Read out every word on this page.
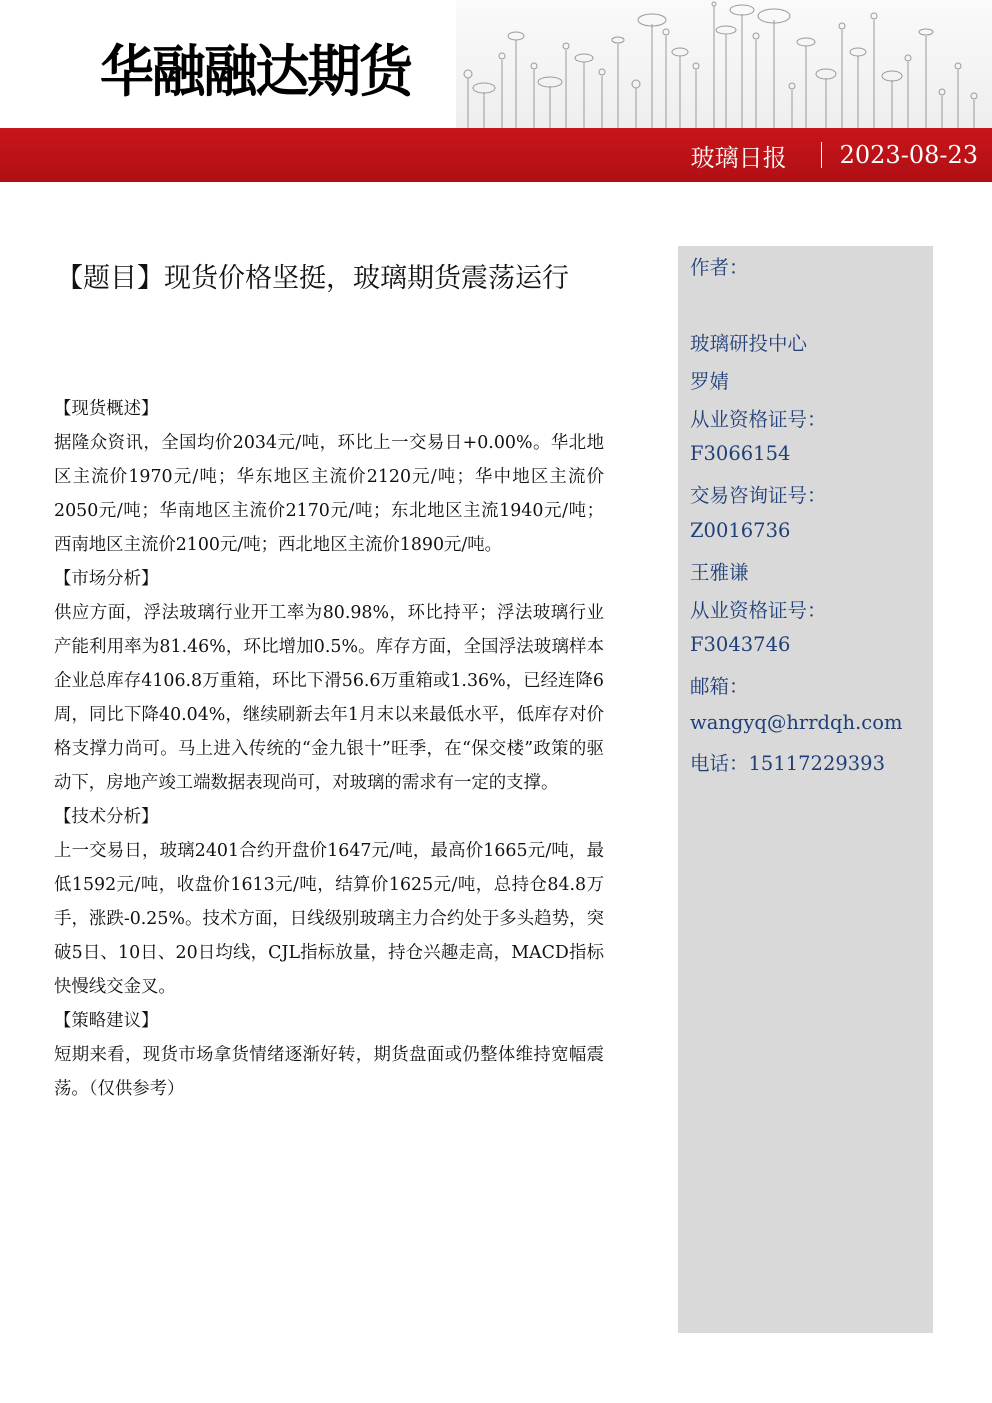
华融融达期货
玻璃日报 2023-08-23
【题目】现货价格坚挺，玻璃期货震荡运行
【现货概述】

据隆众资讯，全国均价2034元/吨，环比上一交易日+0.00%。华北地区主流价1970元/吨；华东地区主流价2120元/吨；华中地区主流价2050元/吨；华南地区主流价2170元/吨；东北地区主流1940元/吨；西南地区主流价2100元/吨；西北地区主流价1890元/吨。

【市场分析】

供应方面，浮法玻璃行业开工率为80.98%，环比持平；浮法玻璃行业产能利用率为81.46%，环比增加0.5%。库存方面，全国浮法玻璃样本企业总库存4106.8万重箱，环比下滑56.6万重箱或1.36%，已经连降6周，同比下降40.04%，继续刷新去年1月末以来最低水平，低库存对价格支撑力尚可。马上进入传统的“金九银十”旺季，在“保交楼”政策的驱动下，房地产竣工端数据表现尚可，对玻璃的需求有一定的支撑。

【技术分析】

上一交易日，玻璃2401合约开盘价1647元/吨，最高价1665元/吨，最低1592元/吨，收盘价1613元/吨，结算价1625元/吨，总持仓84.8万手，涨跌-0.25%。技术方面，日线级别玻璃主力合约处于多头趋势，突破5日、10日、20日均线，CJL指标放量，持仓兴趣走高，MACD指标快慢线交金叉。

【策略建议】

短期来看，现货市场拿货情绪逐渐好转，期货盘面或仍整体维持宽幅震荡。（仅供参考）

作者：
玻璃研投中心
罗婧
从业资格证号：
F3066154
交易咨询证号：
Z0016736
王雅谦
从业资格证号：
F3043746
邮箱：
wangyq@hrrdqh.com
电话：15117229393
